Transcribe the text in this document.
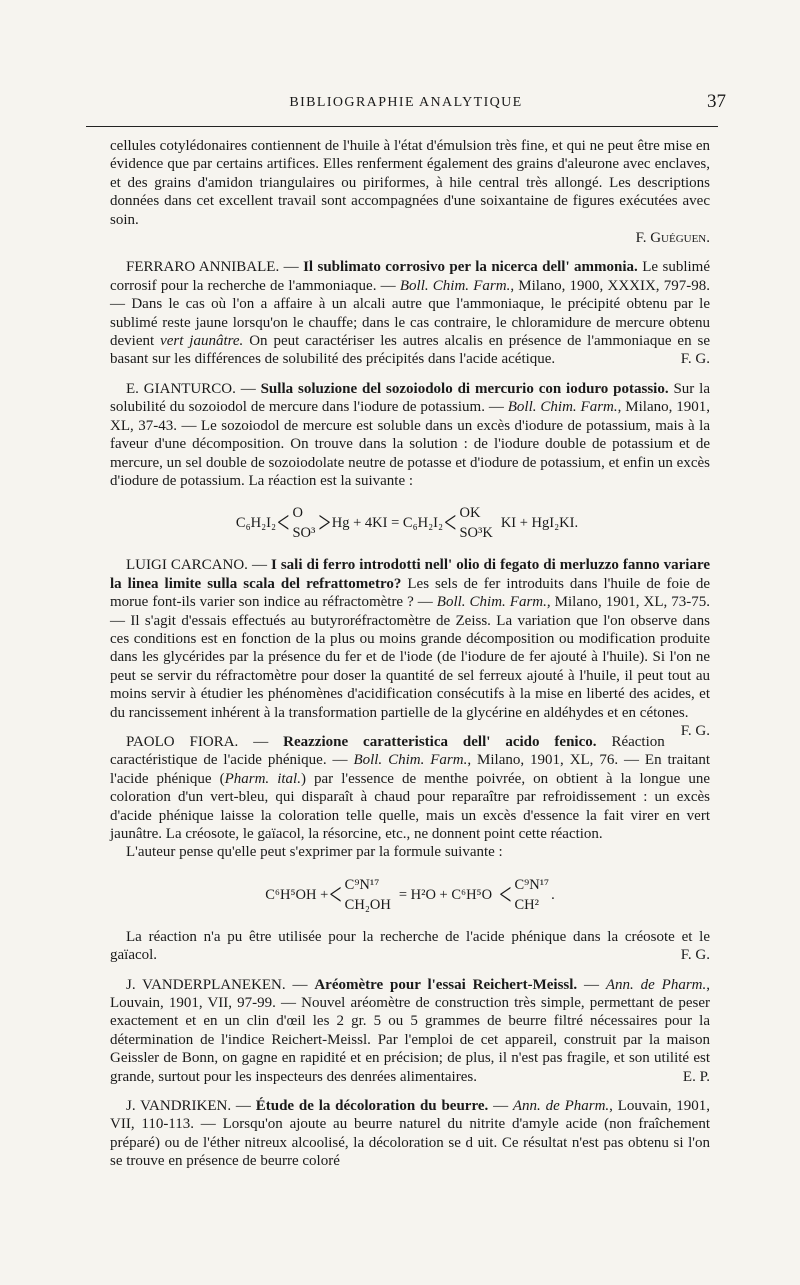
BIBLIOGRAPHIE ANALYTIQUE	37

cellules cotylédonaires contiennent de l'huile à l'état d'émulsion très fine, et qui ne peut être mise en évidence que par certains artifices. Elles renferment également des grains d'aleurone avec enclaves, et des grains d'amidon triangulaires ou piriformes, à hile central très allongé. Les descriptions données dans cet excellent travail sont accompagnées d'une soixantaine de figures exécutées avec soin.

F. Guéguen.

FERRARO ANNIBALE. — Il sublimato corrosivo per la nicerca dell' ammonia. Le sublimé corrosif pour la recherche de l'ammoniaque. — Boll. Chim. Farm., Milano, 1900, XXXIX, 797-98. — Dans le cas où l'on a affaire à un alcali autre que l'ammoniaque, le précipité obtenu par le sublimé reste jaune lorsqu'on le chauffe; dans le cas contraire, le chloramidure de mercure obtenu devient vert jaunâtre. On peut caractériser les autres alcalis en présence de l'ammoniaque en se basant sur les différences de solubilité des précipités dans l'acide acétique.	F. G.

E. GIANTURCO. — Sulla soluzione del sozoiodolo di mercurio con ioduro potassio. Sur la solubilité du sozoiodol de mercure dans l'iodure de potassium. — Boll. Chim. Farm., Milano, 1901, XL, 37-43. — Le sozoiodol de mercure est soluble dans un excès d'iodure de potassium, mais à la faveur d'une décomposition. On trouve dans la solution : de l'iodure double de potassium et de mercure, un sel double de sozoiodolate neutre de potasse et d'iodure de potassium, et enfin un excès d'iodure de potassium. La réaction est la suivante :

C₆H₂I₂ < O
SO³ > Hg + 4KI = C₆H₂I₂ < OK
SO³K
KI + HgI₂KI.

LUIGI CARCANO. — I sali di ferro introdotti nell' olio di fegato di merluzzo fanno variare la linea limite sulla scala del refrattometro? Les sels de fer introduits dans l'huile de foie de morue font-ils varier son indice au réfractomètre ? — Boll. Chim. Farm., Milano, 1901, XL, 73-75. — Il s'agit d'essais effectués au butyroréfractomètre de Zeiss. La variation que l'on observe dans ces conditions est en fonction de la plus ou moins grande décomposition ou modification produite dans les glycérides par la présence du fer et de l'iode (de l'iodure de fer ajouté à l'huile). Si l'on ne peut se servir du réfractomètre pour doser la quantité de sel ferreux ajouté à l'huile, il peut tout au moins servir à étudier les phénomènes d'acidification consécutifs à la mise en liberté des acides, et du rancissement inhérent à la transformation partielle de la glycérine en aldéhydes et en cétones.
F. G.

PAOLO FIORA. — Reazzione caratteristica dell' acido fenico. Réaction caractéristique de l'acide phénique. — Boll. Chim. Farm., Milano, 1901, XL, 76. — En traitant l'acide phénique (Pharm. ital.) par l'essence de menthe poivrée, on obtient à la longue une coloration d'un vert-bleu, qui disparaît à chaud pour reparaître par refroidissement : un excès d'acide phénique laisse la coloration telle quelle, mais un excès d'essence la fait virer en vert jaunâtre. La créosote, le gaïacol, la résorcine, etc., ne donnent point cette réaction.

L'auteur pense qu'elle peut s'exprimer par la formule suivante :

C⁶H⁵OH + < C⁹N¹⁷
CH₂OH
= H²O + C⁶H⁵O < C⁹N¹⁷
CH²
.

La réaction n'a pu être utilisée pour la recherche de l'acide phénique dans la créosote et le gaïacol.	F. G.

J. VANDERPLANEKEN. — Aréomètre pour l'essai Reichert-Meissl. — Ann. de Pharm., Louvain, 1901, VII, 97-99. — Nouvel aréomètre de construction très simple, permettant de peser exactement et en un clin d'œil les 2 gr. 5 ou 5 grammes de beurre filtré nécessaires pour la détermination de l'indice Reichert-Meissl. Par l'emploi de cet appareil, construit par la maison Geissler de Bonn, on gagne en rapidité et en précision; de plus, il n'est pas fragile, et son utilité est grande, surtout pour les inspecteurs des denrées alimentaires.	E. P.

J. VANDRIKEN. — Étude de la décoloration du beurre. — Ann. de Pharm., Louvain, 1901, VII, 110-113. — Lorsqu'on ajoute au beurre naturel du nitrite d'amyle acide (non fraîchement préparé) ou de l'éther nitreux alcoolisé, la décoloration se d uit. Ce résultat n'est pas obtenu si l'on se trouve en présence de beurre coloré
